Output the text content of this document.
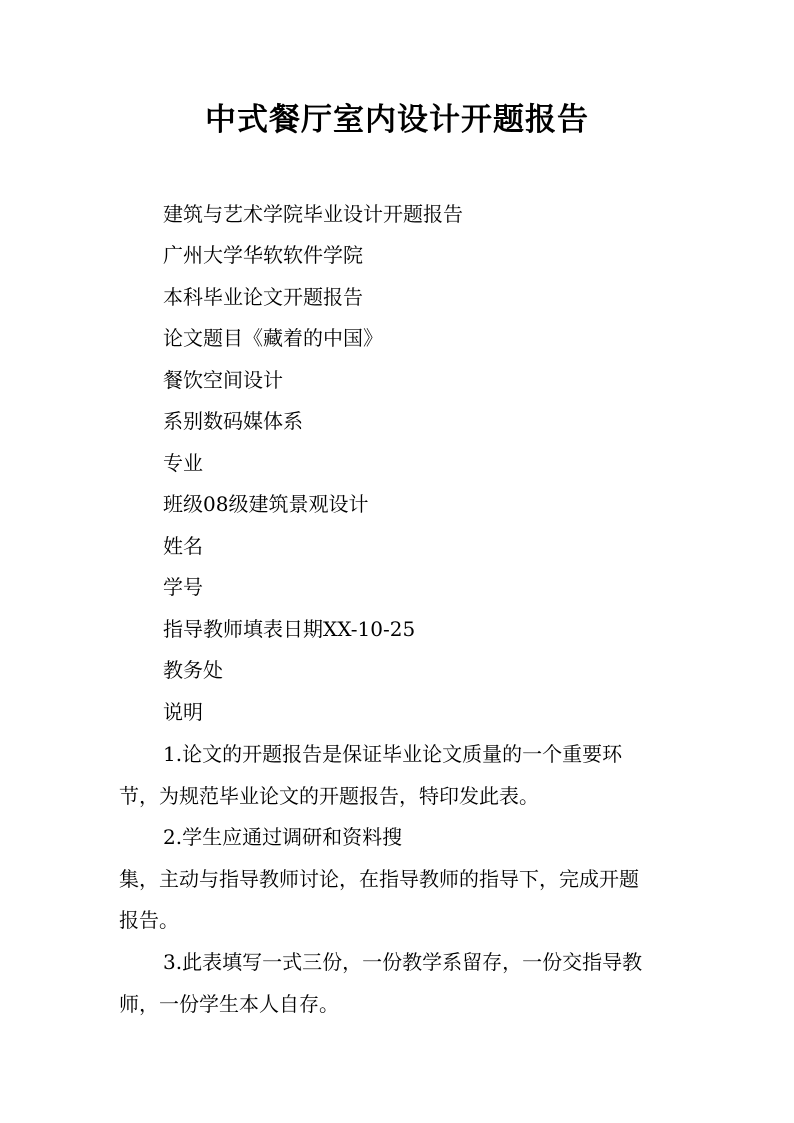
中式餐厅室内设计开题报告
建筑与艺术学院毕业设计开题报告
广州大学华软软件学院
本科毕业论文开题报告
论文题目《藏着的中国》
餐饮空间设计
系别数码媒体系
专业
班级08级建筑景观设计
姓名
学号
指导教师填表日期XX-10-25
教务处
说明
1.论文的开题报告是保证毕业论文质量的一个重要环
节，为规范毕业论文的开题报告，特印发此表。
2.学生应通过调研和资料搜
集，主动与指导教师讨论，在指导教师的指导下，完成开题
报告。
3.此表填写一式三份，一份教学系留存，一份交指导教
师，一份学生本人自存。
